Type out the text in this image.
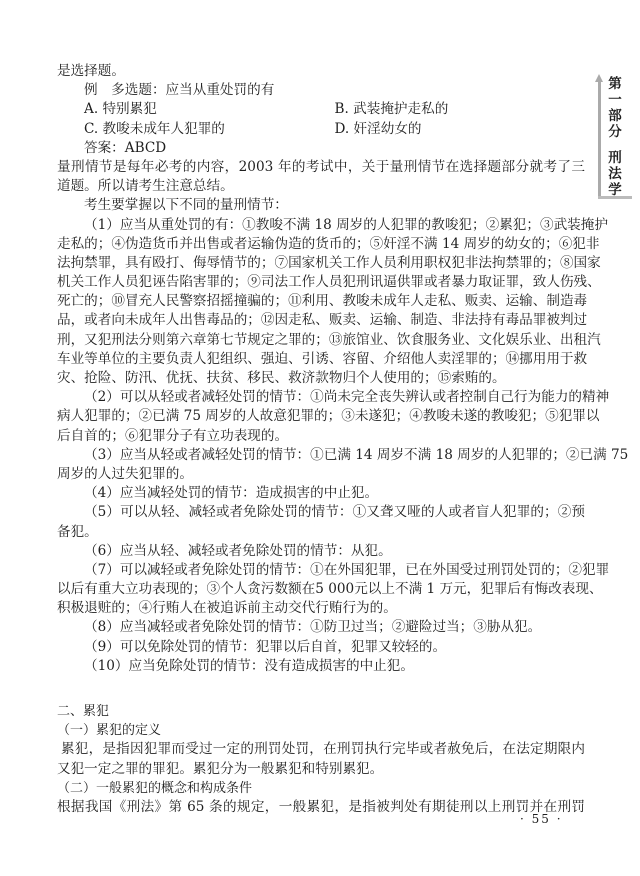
第一部分
刑法学
是选择题。
例　多选题：应当从重处罚的有
A. 特别累犯	B. 武装掩护走私的
C. 教唆未成年人犯罪的	D. 奸淫幼女的
答案：ABCD
量刑情节是每年必考的内容，2003 年的考试中，关于量刑情节在选择题部分就考了三
道题。所以请考生注意总结。
考生要掌握以下不同的量刑情节：
（1）应当从重处罚的有：①教唆不满 18 周岁的人犯罪的教唆犯；②累犯；③武装掩护
走私的；④伪造货币并出售或者运输伪造的货币的；⑤奸淫不满 14 周岁的幼女的；⑥犯非
法拘禁罪，具有殴打、侮辱情节的；⑦国家机关工作人员利用职权犯非法拘禁罪的；⑧国家
机关工作人员犯诬告陷害罪的；⑨司法工作人员犯刑讯逼供罪或者暴力取证罪，致人伤残、
死亡的；⑩冒充人民警察招摇撞骗的；⑪利用、教唆未成年人走私、贩卖、运输、制造毒
品，或者向未成年人出售毒品的；⑫因走私、贩卖、运输、制造、非法持有毒品罪被判过
刑，又犯刑法分则第六章第七节规定之罪的；⑬旅馆业、饮食服务业、文化娱乐业、出租汽
车业等单位的主要负责人犯组织、强迫、引诱、容留、介绍他人卖淫罪的；⑭挪用用于救
灾、抢险、防汛、优抚、扶贫、移民、救济款物归个人使用的；⑮索贿的。
（2）可以从轻或者减轻处罚的情节：①尚未完全丧失辨认或者控制自己行为能力的精神
病人犯罪的；②已满 75 周岁的人故意犯罪的；③未遂犯；④教唆未遂的教唆犯；⑤犯罪以
后自首的；⑥犯罪分子有立功表现的。
（3）应当从轻或者减轻处罚的情节：①已满 14 周岁不满 18 周岁的人犯罪的；②已满 75
周岁的人过失犯罪的。
（4）应当减轻处罚的情节：造成损害的中止犯。
（5）可以从轻、减轻或者免除处罚的情节：①又聋又哑的人或者盲人犯罪的；②预
备犯。
（6）应当从轻、减轻或者免除处罚的情节：从犯。
（7）可以减轻或者免除处罚的情节：①在外国犯罪，已在外国受过刑罚处罚的；②犯罪
以后有重大立功表现的；③个人贪污数额在5 000元以上不满 1 万元，犯罪后有悔改表现、
积极退赃的；④行贿人在被追诉前主动交代行贿行为的。
（8）应当减轻或者免除处罚的情节：①防卫过当；②避险过当；③胁从犯。
（9）可以免除处罚的情节：犯罪以后自首，犯罪又较轻的。
（10）应当免除处罚的情节：没有造成损害的中止犯。
二、累犯
（一）累犯的定义
累犯，是指因犯罪而受过一定的刑罚处罚，在刑罚执行完毕或者赦免后，在法定期限内
又犯一定之罪的罪犯。累犯分为一般累犯和特别累犯。
（二）一般累犯的概念和构成条件
根据我国《刑法》第 65 条的规定，一般累犯，是指被判处有期徒刑以上刑罚并在刑罚
· 55 ·
